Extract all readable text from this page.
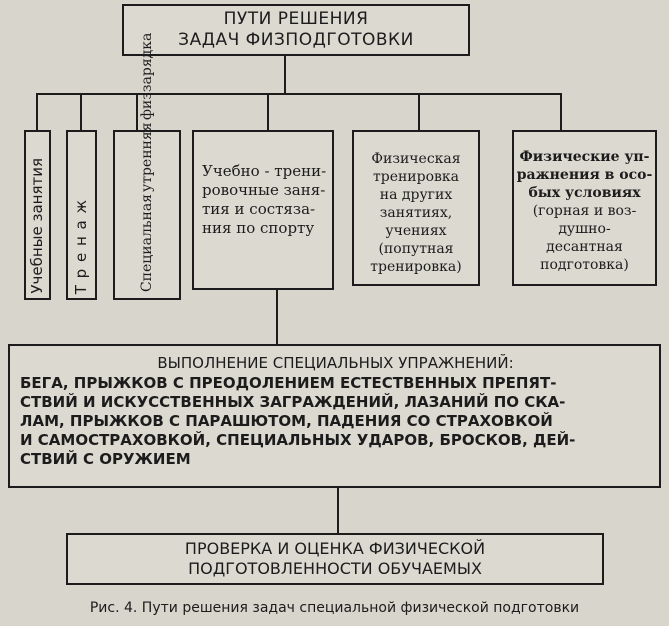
ПУТИ РЕШЕНИЯ
ЗАДАЧ ФИЗПОДГОТОВКИ
Учебные занятия Т р е н а ж	Специальная
утренняя
физзарядка
Учебно - трени-
ровочные заня-
тия и состяза-
ния по спорту
Физическая
тренировка
на других
занятиях,
учениях
(попутная
тренировка)
Физические уп-
ражнения в осо-
бых условиях
(горная и воз-
душно-
десантная
подготовка)
ВЫПОЛНЕНИЕ СПЕЦИАЛЬНЫХ УПРАЖНЕНИЙ:
БЕГА, ПРЫЖКОВ С ПРЕОДОЛЕНИЕМ ЕСТЕСТВЕННЫХ ПРЕПЯТ-
СТВИЙ И ИСКУССТВЕННЫХ ЗАГРАЖДЕНИЙ, ЛАЗАНИЙ ПО СКА-
ЛАМ, ПРЫЖКОВ С ПАРАШЮТОМ, ПАДЕНИЯ СО СТРАХОВКОЙ
И САМОСТРАХОВКОЙ, СПЕЦИАЛЬНЫХ УДАРОВ, БРОСКОВ, ДЕЙ-
СТВИЙ С ОРУЖИЕМ
ПРОВЕРКА И ОЦЕНКА ФИЗИЧЕСКОЙ
ПОДГОТОВЛЕННОСТИ ОБУЧАЕМЫХ
Рис. 4. Пути решения задач специальной физической подготовки
